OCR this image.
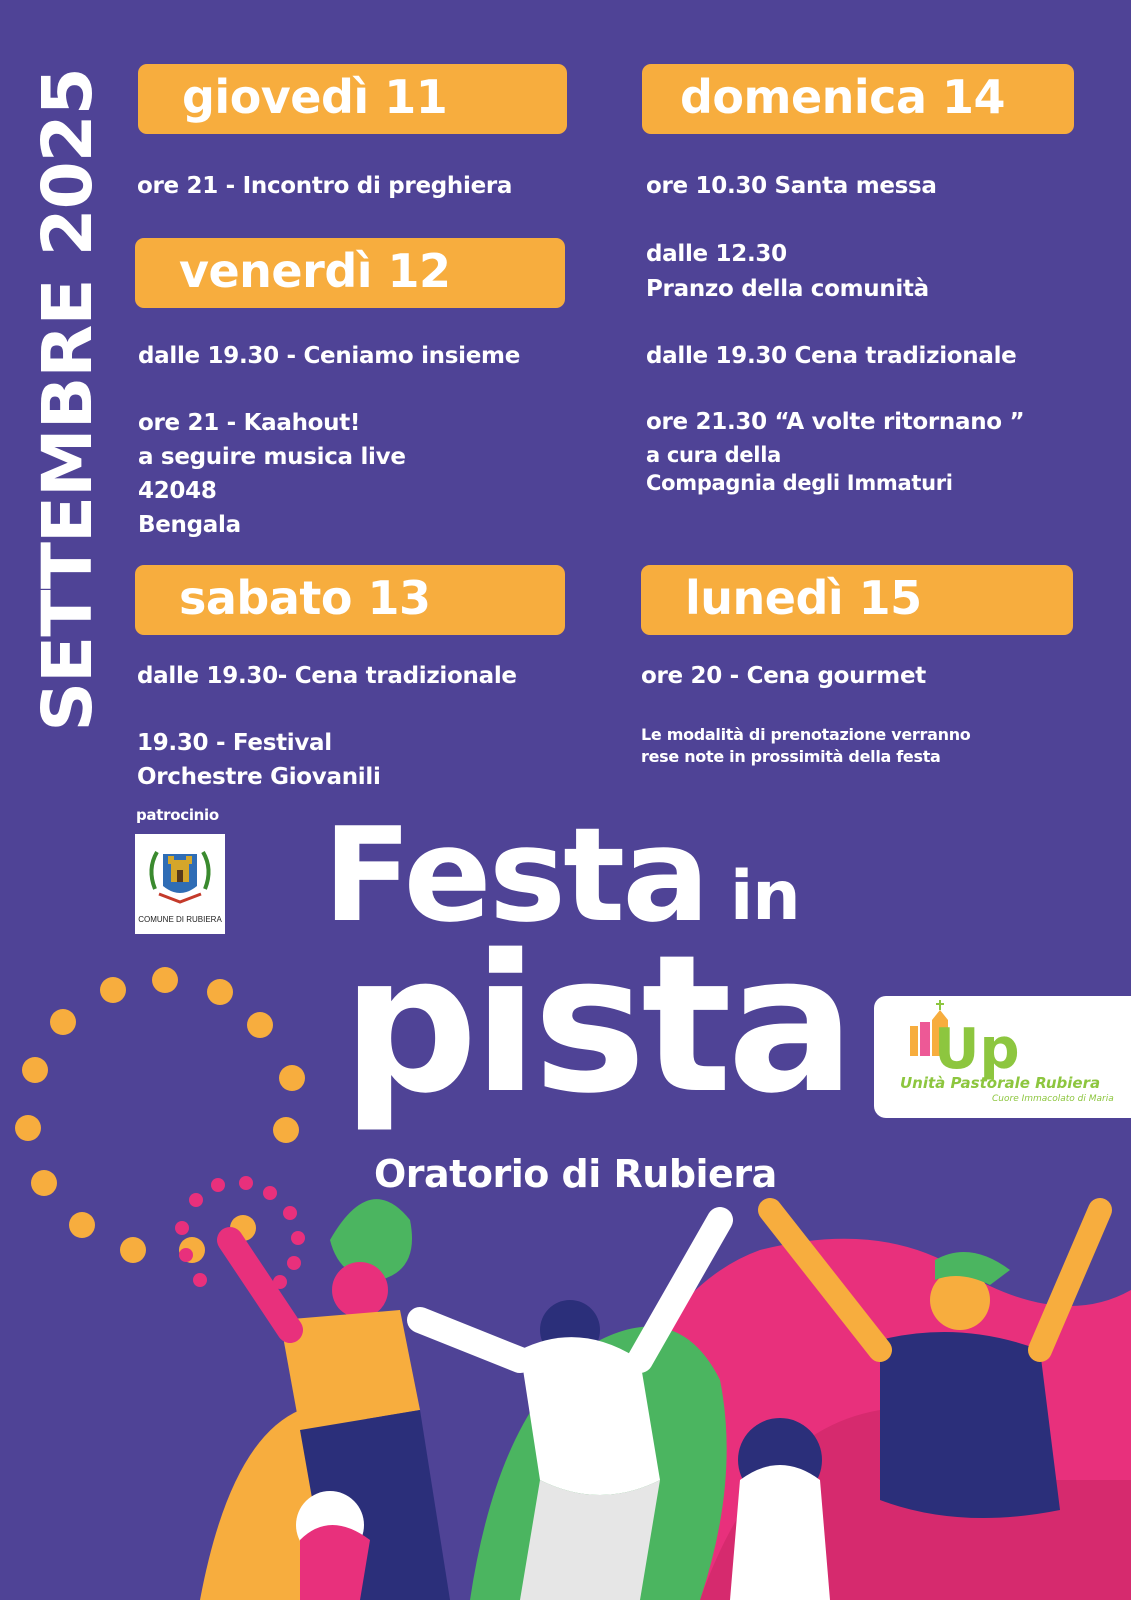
SETTEMBRE 2025 giovedì 11	domenica 14
venerdì 12
sabato 13	lunedì 15
ore 21 - Incontro di preghiera
dalle 19.30 - Ceniamo insieme
ore 21 - Kaahout!
a seguire musica live
42048
Bengala
dalle 19.30- Cena tradizionale
19.30 - Festival
Orchestre Giovanili
ore 10.30 Santa messa
dalle 12.30
Pranzo della comunità
dalle 19.30 Cena tradizionale
ore 21.30 “A volte ritornano ”
a cura della
Compagnia degli Immaturi
ore 20 - Cena gourmet
Le modalità di prenotazione verranno
rese note in prossimità della festa
patrocinio
COMUNE DI RUBIERA Festa in
pista
Oratorio di Rubiera
Up
Unità Pastorale Rubiera
Cuore Immacolato di Maria
